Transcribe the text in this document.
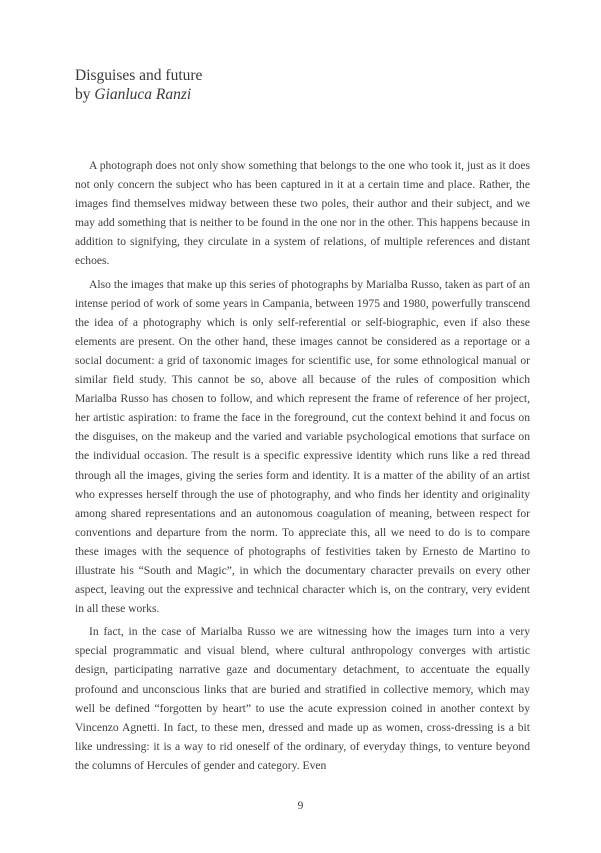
Disguises and future
by Gianluca Ranzi

A photograph does not only show something that belongs to the one who took it, just as it does not only concern the subject who has been captured in it at a certain time and place. Rather, the images find themselves midway between these two poles, their author and their subject, and we may add something that is neither to be found in the one nor in the other. This happens because in addition to signifying, they circulate in a system of relations, of multiple references and distant echoes.

Also the images that make up this series of photographs by Marialba Russo, taken as part of an intense period of work of some years in Campania, between 1975 and 1980, powerfully transcend the idea of a photography which is only self-referential or self-biographic, even if also these elements are present. On the other hand, these images cannot be considered as a reportage or a social document: a grid of taxonomic images for scientific use, for some ethnological manual or similar field study. This cannot be so, above all because of the rules of composition which Marialba Russo has chosen to follow, and which represent the frame of reference of her project, her artistic aspiration: to frame the face in the foreground, cut the context behind it and focus on the disguises, on the makeup and the varied and variable psychological emotions that surface on the individual occasion. The result is a specific expressive identity which runs like a red thread through all the images, giving the series form and identity. It is a matter of the ability of an artist who expresses herself through the use of photography, and who finds her identity and originality among shared representations and an autonomous coagulation of meaning, between respect for conventions and departure from the norm. To appreciate this, all we need to do is to compare these images with the sequence of photographs of festivities taken by Ernesto de Martino to illustrate his “South and Magic”, in which the documentary character prevails on every other aspect, leaving out the expressive and technical character which is, on the contrary, very evident in all these works.

In fact, in the case of Marialba Russo we are witnessing how the images turn into a very special programmatic and visual blend, where cultural anthropology converges with artistic design, participating narrative gaze and documentary detachment, to accentuate the equally profound and unconscious links that are buried and stratified in collective memory, which may well be defined “forgotten by heart” to use the acute expression coined in another context by Vincenzo Agnetti. In fact, to these men, dressed and made up as women, cross-dressing is a bit like undressing: it is a way to rid oneself of the ordinary, of everyday things, to venture beyond the columns of Hercules of gender and category. Even

9
